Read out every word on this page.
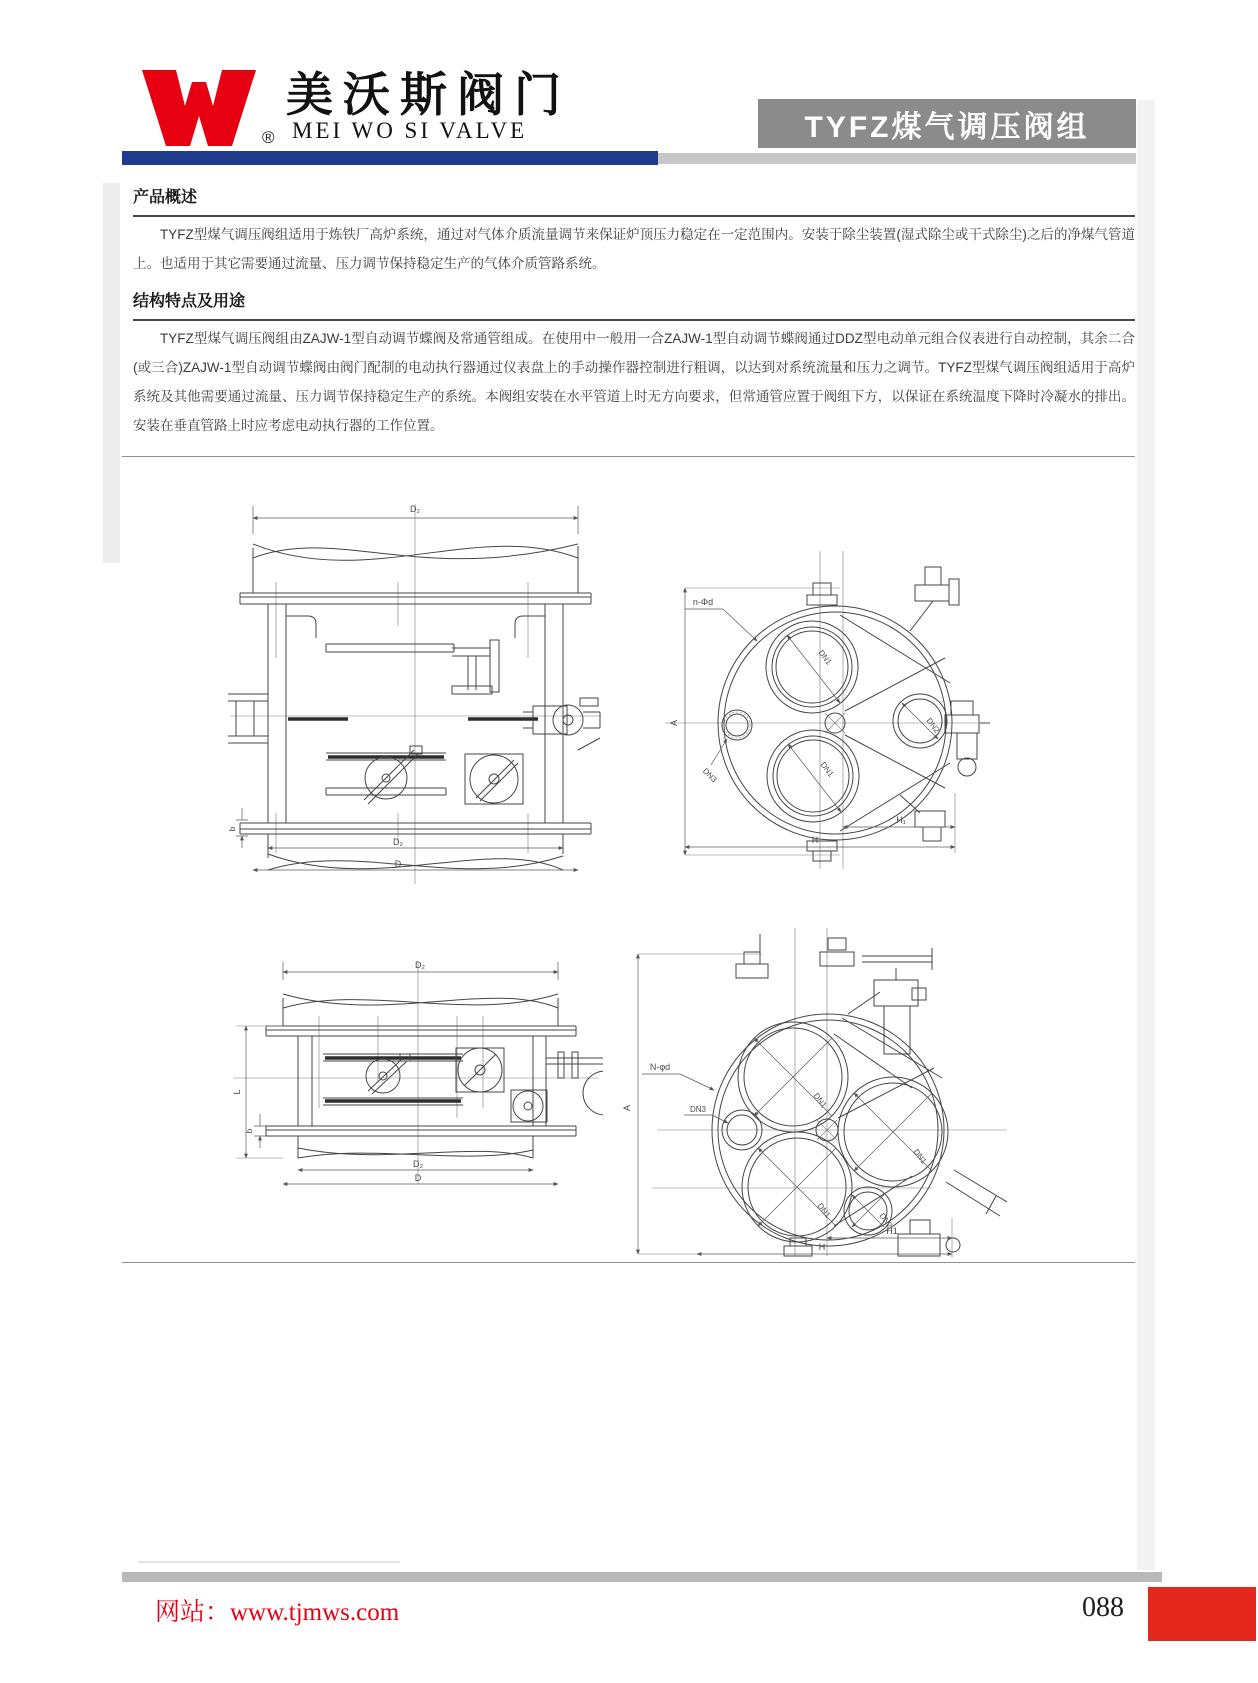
®
美沃斯阀门
MEI WO SI VALVE	TYFZ煤气调压阀组
产品概述
TYFZ型煤气调压阀组适用于炼铁厂高炉系统，通过对气体介质流量调节来保证炉顶压力稳定在一定范围内。安装于除尘装置(湿式除尘或干式除尘)之后的净煤气管道上。也适用于其它需要通过流量、压力调节保持稳定生产的气体介质管路系统。
结构特点及用途
TYFZ型煤气调压阀组由ZAJW-1型自动调节蝶阀及常通管组成。在使用中一般用一合ZAJW-1型自动调节蝶阀通过DDZ型电动单元组合仪表进行自动控制，其余二合(或三合)ZAJW-1型自动调节蝶阀由阀门配制的电动执行器通过仪表盘上的手动操作器控制进行粗调，以达到对系统流量和压力之调节。TYFZ型煤气调压阀组适用于高炉系统及其他需要通过流量、压力调节保持稳定生产的系统。本阀组安装在水平管道上时无方向要求，但常通管应置于阀组下方，以保证在系统温度下降时冷凝水的排出。安装在垂直管路上时应考虑电动执行器的工作位置。
D₂
b
D₂
D
DN1
DN1
DN3
DN2
n-Φd
A
H₁
H
D₂
L
b
D₂
D
DN1
DN1
DN1
DN2
DN3
N-φd
A
H1
H
网站：www.tjmws.com	088
